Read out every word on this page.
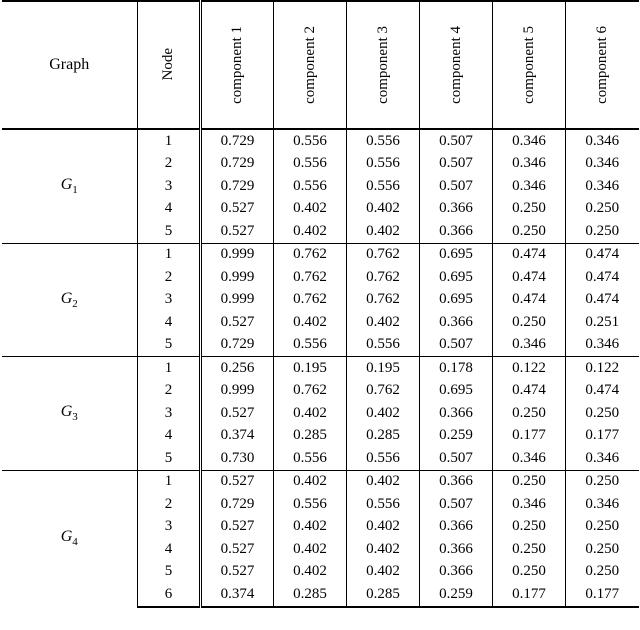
Graph	Node	component 1	component 2	component 3	component 4	component 5	component 6
$G_1$	1	0.729	0.556	0.556	0.507	0.346	0.346
	2	0.729	0.556	0.556	0.507	0.346	0.346
	3	0.729	0.556	0.556	0.507	0.346	0.346
	4	0.527	0.402	0.402	0.366	0.250	0.250
	5	0.527	0.402	0.402	0.366	0.250	0.250
$G_2$	1	0.999	0.762	0.762	0.695	0.474	0.474
	2	0.999	0.762	0.762	0.695	0.474	0.474
	3	0.999	0.762	0.762	0.695	0.474	0.474
	4	0.527	0.402	0.402	0.366	0.250	0.251
	5	0.729	0.556	0.556	0.507	0.346	0.346
$G_3$	1	0.256	0.195	0.195	0.178	0.122	0.122
	2	0.999	0.762	0.762	0.695	0.474	0.474
	3	0.527	0.402	0.402	0.366	0.250	0.250
	4	0.374	0.285	0.285	0.259	0.177	0.177
	5	0.730	0.556	0.556	0.507	0.346	0.346
$G_4$	1	0.527	0.402	0.402	0.366	0.250	0.250
	2	0.729	0.556	0.556	0.507	0.346	0.346
	3	0.527	0.402	0.402	0.366	0.250	0.250
	4	0.527	0.402	0.402	0.366	0.250	0.250
	5	0.527	0.402	0.402	0.366	0.250	0.250
	6	0.374	0.285	0.285	0.259	0.177	0.177
